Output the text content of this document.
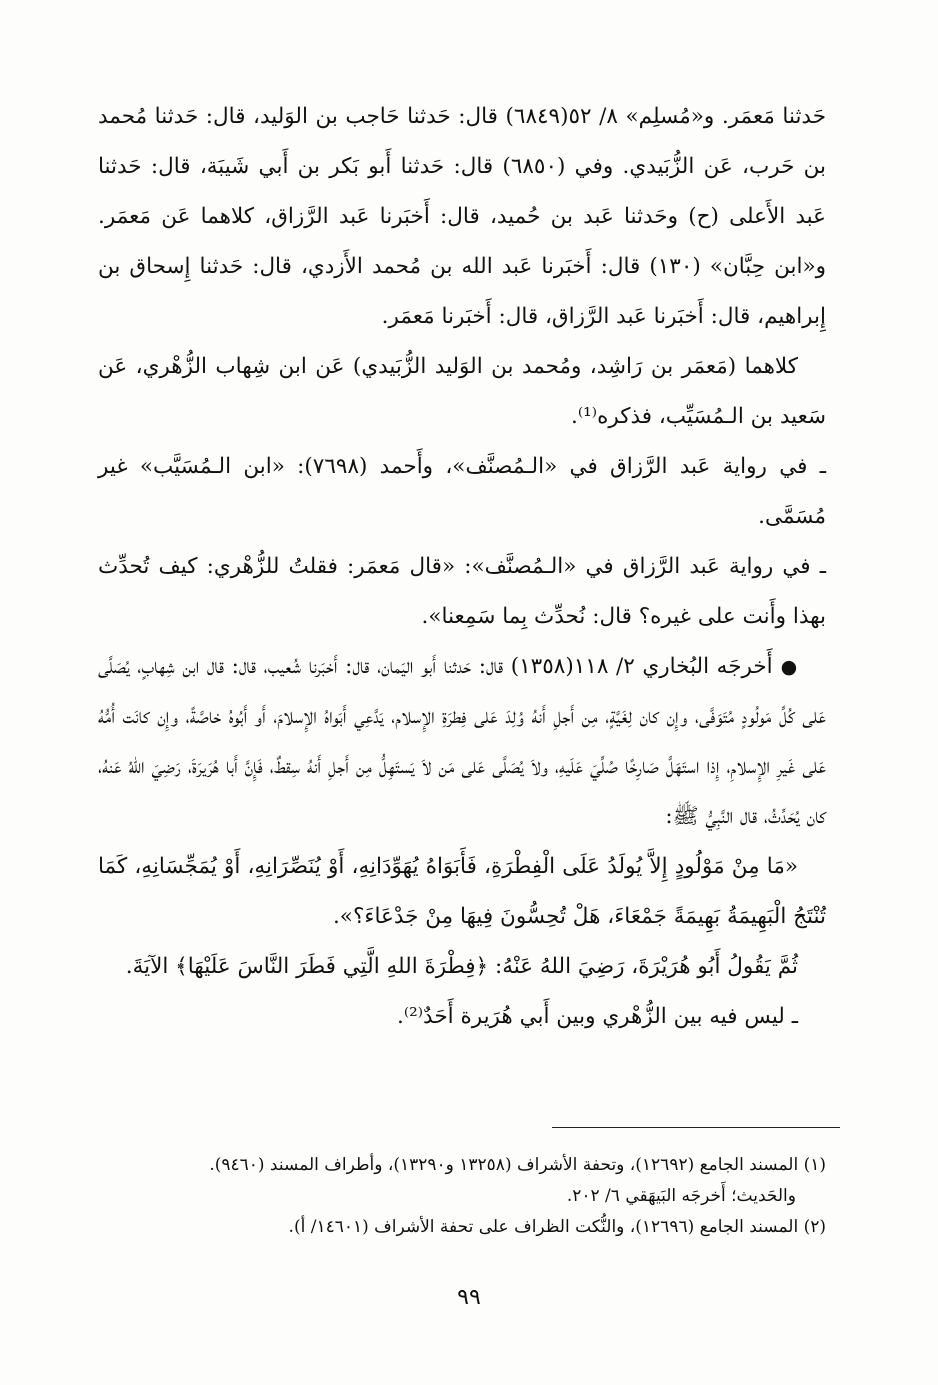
حَدثنا مَعمَر. و«مُسلِم» ٨/ ٥٢(٦٨٤٩) قال: حَدثنا حَاجب بن الوَليد، قال: حَدثنا مُحمد بن حَرب، عَن الزُّبَيدي. وفي (٦٨٥٠) قال: حَدثنا أَبو بَكر بن أَبي شَيبَة، قال: حَدثنا عَبد الأَعلى (ح) وحَدثنا عَبد بن حُميد، قال: أَخبَرنا عَبد الرَّزاق، كلاهما عَن مَعمَر. و«ابن حِبَّان» (١٣٠) قال: أَخبَرنا عَبد الله بن مُحمد الأَزدي، قال: حَدثنا إِسحاق بن إِبراهيم، قال: أَخبَرنا عَبد الرَّزاق، قال: أَخبَرنا مَعمَر.

كلاهما (مَعمَر بن رَاشِد، ومُحمد بن الوَليد الزُّبَيدي) عَن ابن شِهاب الزُّهْري، عَن سَعيد بن الـمُسَيِّب، فذكره⁽¹⁾.

ـ في رواية عَبد الرَّزاق في «الـمُصنَّف»، وأَحمد (٧٦٩٨): «ابن الـمُسَيَّب» غير مُسَمَّى.

ـ في رواية عَبد الرَّزاق في «الـمُصنَّف»: «قال مَعمَر: فقلتُ للزُّهْري: كيف تُحدِّث بهذا وأَنت على غيره؟ قال: نُحدِّث بِما سَمِعنا».

●أَخرجَه البُخاري ٢/ ١١٨(١٣٥٨) قال: حَدثنا أَبو اليَمان، قال: أَخبَرنا شُعيب، قال: قال ابن شِهابٍ، يُصَلَّى عَلى كُلِّ مَولُودٍ مُتَوَفَّى، وإِن كان لِغَيَّةٍ، مِن أَجلِ أَنهُ وُلِدَ عَلى فِطرَةِ الإِسلام، يَدَّعِي أَبَواهُ الإِسلامَ، أَو أَبُوهُ خاصَّةً، وإِن كانَت أُمُّهُ عَلى غَيرِ الإِسلامِ، إِذا استَهَلَّ صَارِخًا صُلِّيَ عَلَيهِ، ولاَ يُصَلَّى عَلى مَن لاَ يَستَهِلُّ مِن أَجلِ أَنهُ سِقطٌ، فَإِنَّ أَبا هُرَيرَةَ، رَضِيَ اللهُ عَنهُ، كان يُحَدِّثُ، قال النَّبِيُّ ﷺ:

«مَا مِنْ مَوْلُودٍ إِلاَّ يُولَدُ عَلَى الْفِطْرَةِ، فَأَبَوَاهُ يُهَوِّدَانِهِ، أَوْ يُنَصِّرَانِهِ، أَوْ يُمَجِّسَانِهِ، كَمَا تُنْتَجُ الْبَهِيمَةُ بَهِيمَةً جَمْعَاءَ، هَلْ تُحِسُّونَ فِيهَا مِنْ جَدْعَاءَ؟».

ثُمَّ يَقُولُ أَبُو هُرَيْرَةَ، رَضِيَ اللهُ عَنْهُ: ﴿فِطْرَةَ اللهِ الَّتِي فَطَرَ النَّاسَ عَلَيْهَا﴾ الآيَةَ.

ـ ليس فيه بين الزُّهْري وبين أَبي هُرَيرة أَحَدٌ⁽²⁾.

(١) المسند الجامع (١٢٦٩٢)، وتحفة الأشراف (١٣٢٥٨ و١٣٢٩٠)، وأطراف المسند (٩٤٦٠).

والحَديث؛ أَخرجَه البَيهَقي ٦/ ٢٠٢.

(٢) المسند الجامع (١٢٦٩٦)، والنُّكت الظراف على تحفة الأشراف (١٤٦٠١/ أ).

٩٩
